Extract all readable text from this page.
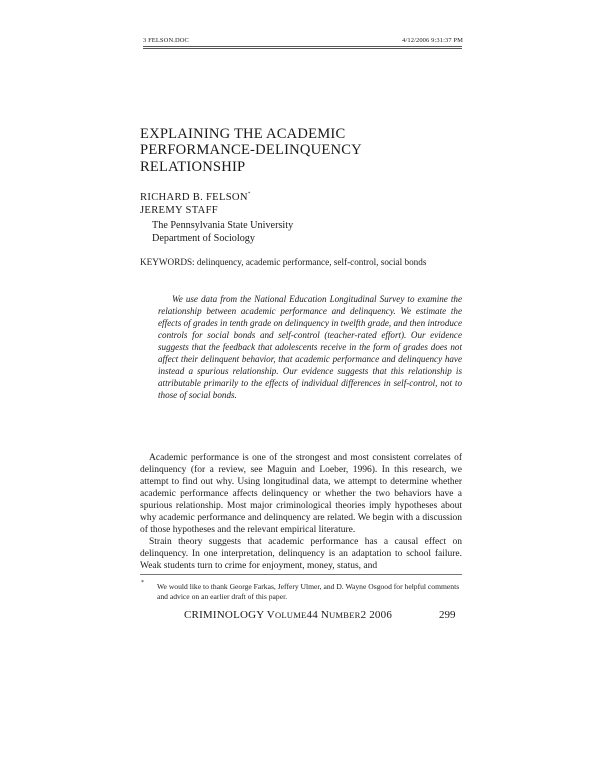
3 FELSON.DOC	4/12/2006 9:31:37 PM
EXPLAINING THE ACADEMIC
PERFORMANCE-DELINQUENCY
RELATIONSHIP
RICHARD B. FELSON*
JEREMY STAFF
The Pennsylvania State University
Department of Sociology
KEYWORDS: delinquency, academic performance, self-control, social bonds
We use data from the National Education Longitudinal Survey to examine the relationship between academic performance and delinquency. We estimate the effects of grades in tenth grade on delinquency in twelfth grade, and then introduce controls for social bonds and self-control (teacher-rated effort). Our evidence suggests that the feedback that adolescents receive in the form of grades does not affect their delinquent behavior, that academic performance and delinquency have instead a spurious relationship. Our evidence suggests that this relationship is attributable primarily to the effects of individual differences in self-control, not to those of social bonds.

Academic performance is one of the strongest and most consistent correlates of delinquency (for a review, see Maguin and Loeber, 1996). In this research, we attempt to find out why. Using longitudinal data, we attempt to determine whether academic performance affects delinquency or whether the two behaviors have a spurious relationship. Most major criminological theories imply hypotheses about why academic performance and delinquency are related. We begin with a discussion of those hypotheses and the relevant empirical literature.

Strain theory suggests that academic performance has a causal effect on delinquency. In one interpretation, delinquency is an adaptation to school failure. Weak students turn to crime for enjoyment, money, status, and

* We would like to thank George Farkas, Jeffery Ulmer, and D. Wayne Osgood for helpful comments and advice on an earlier draft of this paper.
CRIMINOLOGY VOLUME44 NUMBER2 2006	299
